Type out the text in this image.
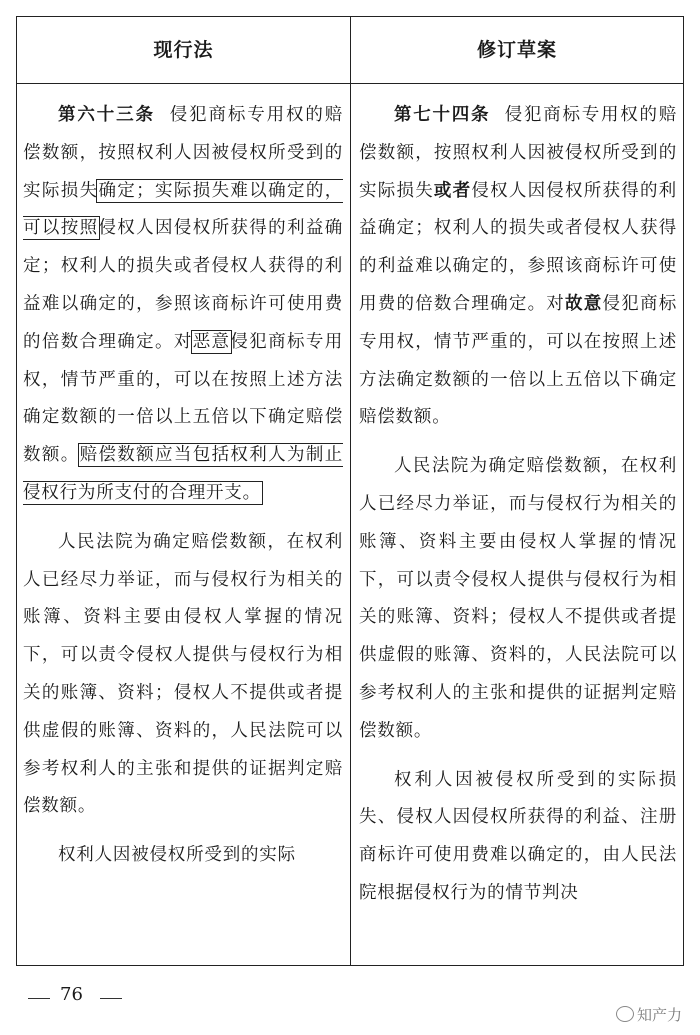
现行法	修订草案

第六十三条 侵犯商标专用权的赔偿数额，按照权利人因被侵权所受到的实际损失确定；实际损失难以确定的，可以按照侵权人因侵权所获得的利益确定；权利人的损失或者侵权人获得的利益难以确定的，参照该商标许可使用费的倍数合理确定。对恶意侵犯商标专用权，情节严重的，可以在按照上述方法确定数额的一倍以上五倍以下确定赔偿数额。赔偿数额应当包括权利人为制止侵权行为所支付的合理开支。

人民法院为确定赔偿数额，在权利人已经尽力举证，而与侵权行为相关的账簿、资料主要由侵权人掌握的情况下，可以责令侵权人提供与侵权行为相关的账簿、资料；侵权人不提供或者提供虚假的账簿、资料的，人民法院可以参考权利人的主张和提供的证据判定赔偿数额。

权利人因被侵权所受到的实际

第七十四条 侵犯商标专用权的赔偿数额，按照权利人因被侵权所受到的实际损失或者侵权人因侵权所获得的利益确定；权利人的损失或者侵权人获得的利益难以确定的，参照该商标许可使用费的倍数合理确定。对故意侵犯商标专用权，情节严重的，可以在按照上述方法确定数额的一倍以上五倍以下确定赔偿数额。

人民法院为确定赔偿数额，在权利人已经尽力举证，而与侵权行为相关的账簿、资料主要由侵权人掌握的情况下，可以责令侵权人提供与侵权行为相关的账簿、资料；侵权人不提供或者提供虚假的账簿、资料的，人民法院可以参考权利人的主张和提供的证据判定赔偿数额。

权利人因被侵权所受到的实际损失、侵权人因侵权所获得的利益、注册商标许可使用费难以确定的，由人民法院根据侵权行为的情节判决

76
知产力
